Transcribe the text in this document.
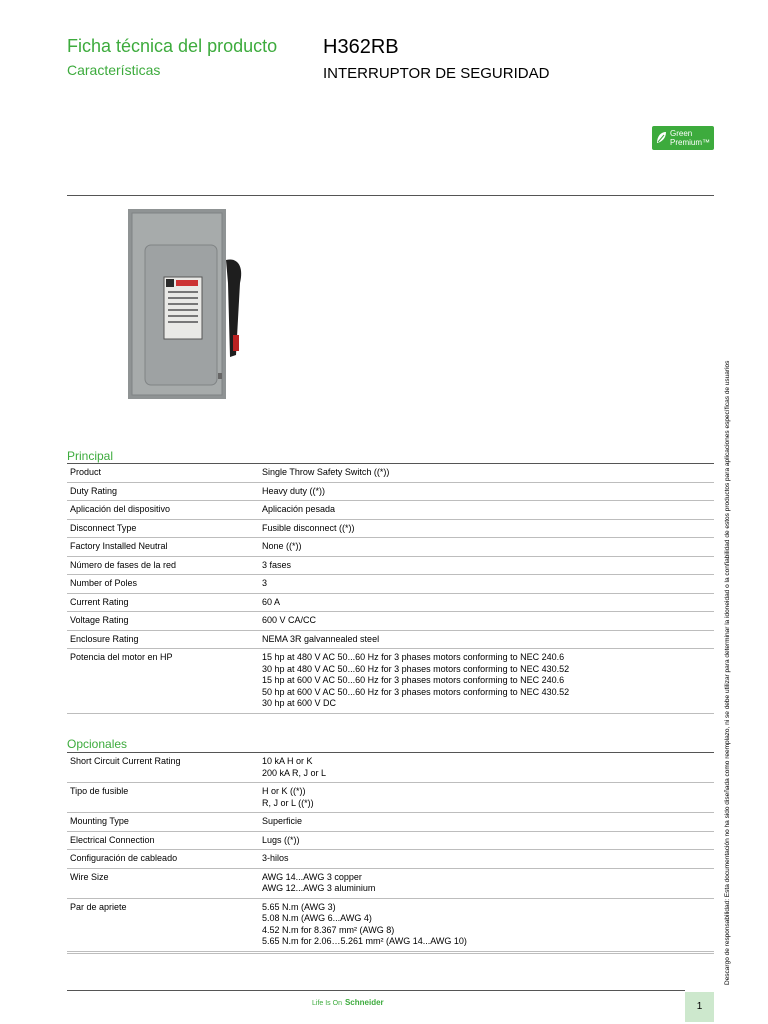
Ficha técnica del producto
Características
H362RB
INTERRUPTOR DE SEGURIDAD
Green
Premium™
Principal
Product	Single Throw Safety Switch ((*))
Duty Rating	Heavy duty ((*))
Aplicación del dispositivo	Aplicación pesada
Disconnect Type	Fusible disconnect ((*))
Factory Installed Neutral	None ((*))
Número de fases de la red	3 fases
Number of Poles	3
Current Rating	60 A
Voltage Rating	600 V CA/CC
Enclosure Rating	NEMA 3R galvannealed steel
Potencia del motor en HP	15 hp at 480 V AC 50...60 Hz for 3 phases motors conforming to NEC 240.6
30 hp at 480 V AC 50...60 Hz for 3 phases motors conforming to NEC 430.52
15 hp at 600 V AC 50...60 Hz for 3 phases motors conforming to NEC 240.6
50 hp at 600 V AC 50...60 Hz for 3 phases motors conforming to NEC 430.52
30 hp at 600 V DC
Opcionales
Short Circuit Current Rating	10 kA H or K
200 kA R, J or L
Tipo de fusible	H or K ((*))
R, J or L ((*))
Mounting Type	Superficie
Electrical Connection	Lugs ((*))
Configuración de cableado	3-hilos
Wire Size	AWG 14...AWG 3 copper
AWG 12...AWG 3 aluminium
Par de apriete	5.65 N.m (AWG 3)
5.08 N.m (AWG 6...AWG 4)
4.52 N.m for 8.367 mm² (AWG 8)
5.65 N.m for 2.06…5.261 mm² (AWG 14...AWG 10)
Life Is On Schneider	1
Descargo de responsabilidad: Esta documentación no ha sido diseñada como reemplazo, ni se debe utilizar para determinar la idoneidad o la confiabilidad de estos productos para aplicaciones específicas de usuarios
